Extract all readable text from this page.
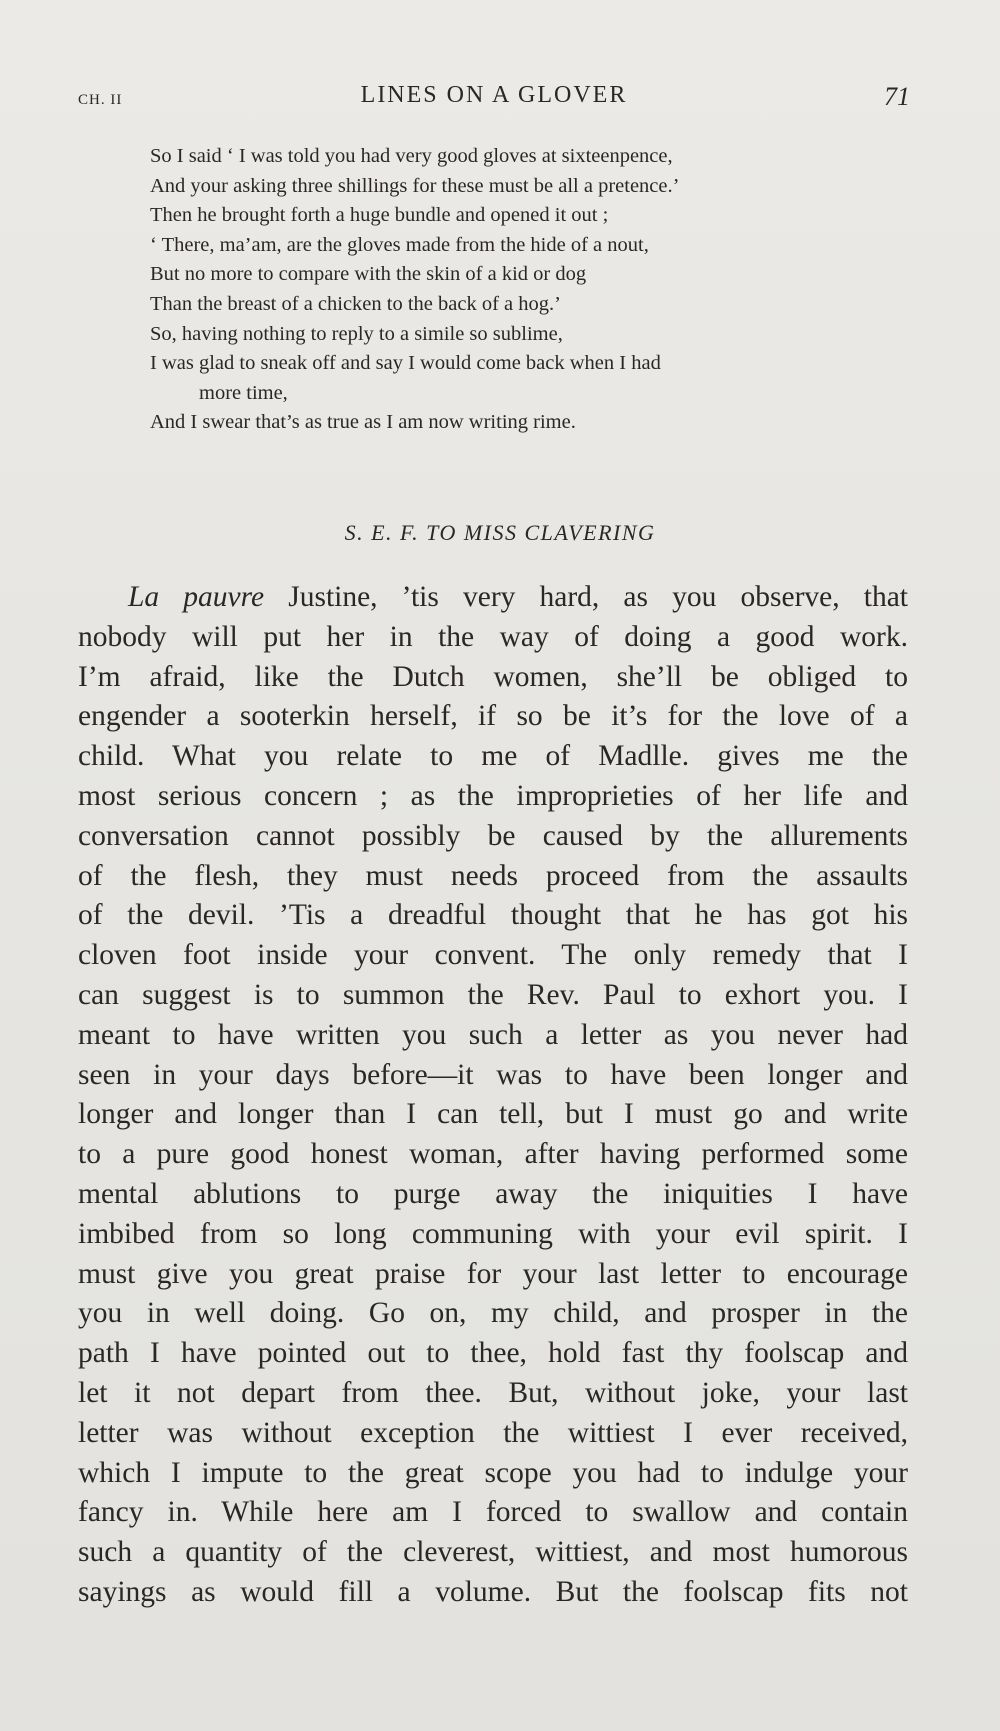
CH. II	LINES ON A GLOVER	71
So I said ‘ I was told you had very good gloves at sixteenpence,
And your asking three shillings for these must be all a pretence.’
Then he brought forth a huge bundle and opened it out ;
‘ There, ma’am, are the gloves made from the hide of a nout,
But no more to compare with the skin of a kid or dog
Than the breast of a chicken to the back of a hog.’
So, having nothing to reply to a simile so sublime,
I was glad to sneak off and say I would come back when I had
more time,
And I swear that’s as true as I am now writing rime.
S. E. F. TO MISS CLAVERING
La pauvre Justine, ’tis very hard, as you observe, that
nobody will put her in the way of doing a good work.
I’m afraid, like the Dutch women, she’ll be obliged to
engender a sooterkin herself, if so be it’s for the love of a
child. What you relate to me of Madlle. gives me the
most serious concern ; as the improprieties of her life and
conversation cannot possibly be caused by the allurements
of the flesh, they must needs proceed from the assaults
of the devil. ’Tis a dreadful thought that he has got his
cloven foot inside your convent. The only remedy that I
can suggest is to summon the Rev. Paul to exhort you. I
meant to have written you such a letter as you never had
seen in your days before—it was to have been longer and
longer and longer than I can tell, but I must go and write
to a pure good honest woman, after having performed some
mental ablutions to purge away the iniquities I have
imbibed from so long communing with your evil spirit. I
must give you great praise for your last letter to encourage
you in well doing. Go on, my child, and prosper in the
path I have pointed out to thee, hold fast thy foolscap and
let it not depart from thee. But, without joke, your last
letter was without exception the wittiest I ever received,
which I impute to the great scope you had to indulge your
fancy in. While here am I forced to swallow and contain
such a quantity of the cleverest, wittiest, and most humorous
sayings as would fill a volume. But the foolscap fits not
